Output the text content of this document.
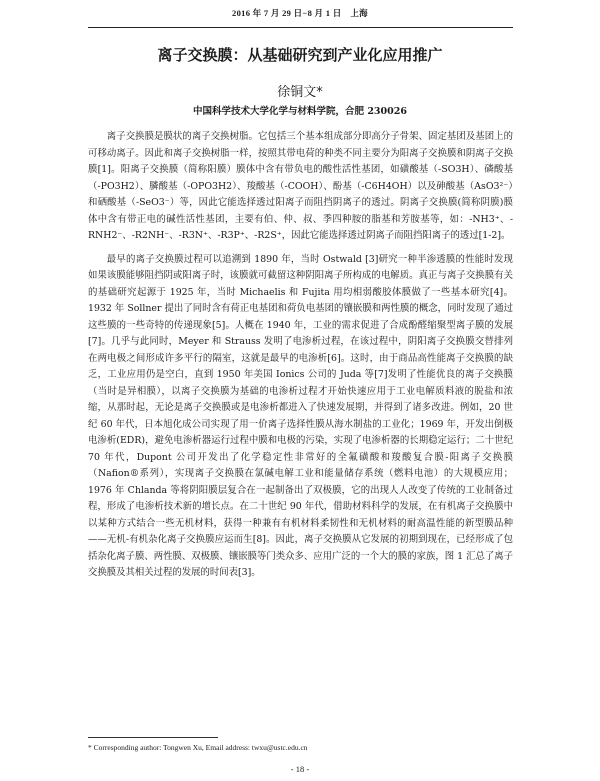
2016 年 7 月 29 日−8 月 1 日　上海
离子交换膜：从基础研究到产业化应用推广
徐铜文*
中国科学技术大学化学与材料学院，合肥 230026

离子交换膜是膜状的离子交换树脂。它包括三个基本组成部分即高分子骨架、固定基团及基团上的可移动离子。因此和离子交换树脂一样，按照其带电荷的种类不同主要分为阳离子交换膜和阴离子交换膜[1]。阳离子交换膜（简称阳膜）膜体中含有带负电的酸性活性基团，如磺酸基（-SO3H）、磷酸基（-PO3H2）、膦酸基（-OPO3H2）、羧酸基（-COOH）、酚基（-C6H4OH）以及砷酸基（AsO3²⁻）和硒酸基（-SeO3⁻）等，因此它能选择透过阳离子而阻挡阴离子的透过。阴离子交换膜(简称阴膜)膜体中含有带正电的碱性活性基团，主要有伯、仲、叔、季四种胺的脂基和芳胺基等，如：-NH3⁺、-RNH2⁻、-R2NH⁻、-R3N⁺、-R3P⁺、-R2S⁺，因此它能选择透过阴离子而阻挡阳离子的透过[1-2]。

最早的离子交换膜过程可以追溯到 1890 年，当时 Ostwald [3]研究一种半渗透膜的性能时发现如果该膜能够阻挡阴或阳离子时，该膜就可截留这种阴阳离子所构成的电解质。真正与离子交换膜有关的基础研究起源于 1925 年，当时 Michaelis 和 Fujita 用均相弱酸胶体膜做了一些基本研究[4]。1932 年 Sollner 提出了同时含有荷正电基团和荷负电基团的镶嵌膜和两性膜的概念，同时发现了通过这些膜的一些奇特的传递现象[5]。人概在 1940 年，工业的需求促进了合成酚醛缩聚型离子膜的发展[7]。几乎与此同时，Meyer 和 Strauss 发明了电渗析过程，在该过程中，阴阳离子交换膜交替排列在两电极之间形成许多平行的隔室，这就是最早的电渗析[6]。这时，由于商品高性能离子交换膜的缺乏，工业应用仍是空白，直到 1950 年美国 Ionics 公司的 Juda 等[7]发明了性能优良的离子交换膜（当时是异相膜），以离子交换膜为基础的电渗析过程才开始快速应用于工业电解质料液的脱盐和浓缩，从那时起，无论是离子交换膜或是电渗析都进入了快速发展期，并得到了诸多改进。例如，20 世纪 60 年代，日本旭化成公司实现了用一价离子选择性膜从海水制盐的工业化；1969 年，开发出倒极电渗析(EDR)，避免电渗析器运行过程中膜和电极的污染，实现了电渗析器的长期稳定运行；二十世纪 70 年代，Dupont 公司开发出了化学稳定性非常好的全氟磺酸和羧酸复合膜-阳离子交换膜（Nafion®系列），实现离子交换膜在氯碱电解工业和能量储存系统（燃料电池）的大规模应用；1976 年 Chlanda 等将阴阳膜层复合在一起制备出了双极膜，它的出现人人改变了传统的工业制备过程，形成了电渗析技术新的增长点。在二十世纪 90 年代，借助材料科学的发展，在有机离子交换膜中以某种方式结合一些无机材料，获得一种兼有有机材料柔韧性和无机材料的耐高温性能的新型膜品种——无机-有机杂化离子交换膜应运而生[8]。因此，离子交换膜从它发展的初期到现在，已经形成了包括杂化离子膜、两性膜、双极膜、镶嵌膜等门类众多、应用广泛的一个大的膜的家族，图 1 汇总了离子交换膜及其相关过程的发展的时间表[3]。

* Corresponding author: Tongwen Xu, Email address: twxu@ustc.edu.cn
- 18 -
